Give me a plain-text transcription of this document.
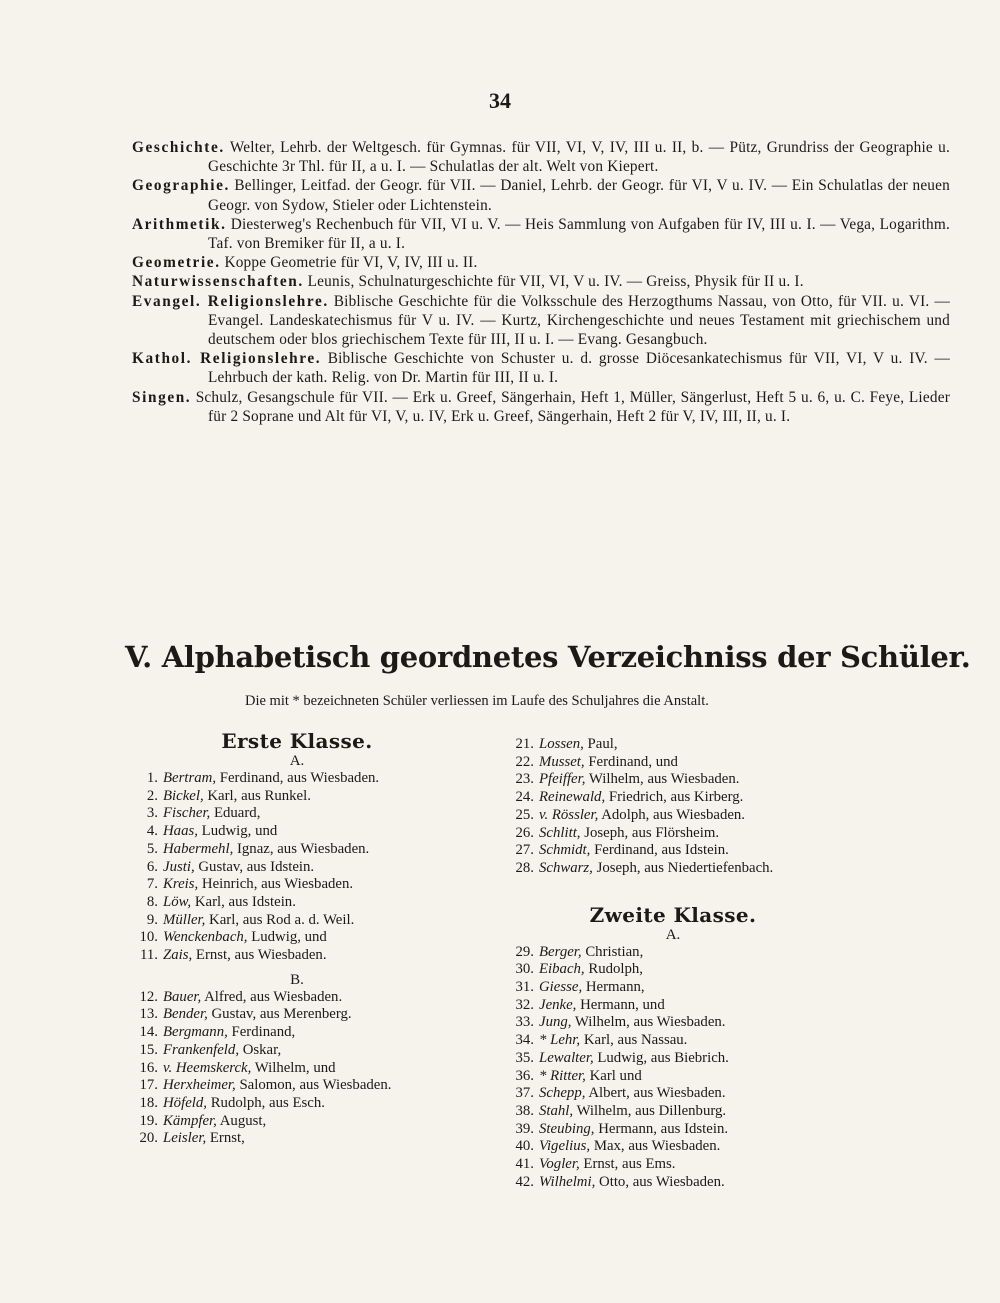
34

Geschichte. Welter, Lehrb. der Weltgesch. für Gymnas. für VII, VI, V, IV, III u. II, b. — Pütz, Grundriss der Geographie u. Geschichte 3r Thl. für II, a u. I. — Schulatlas der alt. Welt von Kiepert.

Geographie. Bellinger, Leitfad. der Geogr. für VII. — Daniel, Lehrb. der Geogr. für VI, V u. IV. — Ein Schulatlas der neuen Geogr. von Sydow, Stieler oder Lichtenstein.

Arithmetik. Diesterweg's Rechenbuch für VII, VI u. V. — Heis Sammlung von Aufgaben für IV, III u. I. — Vega, Logarithm. Taf. von Bremiker für II, a u. I.

Geometrie. Koppe Geometrie für VI, V, IV, III u. II.

Naturwissenschaften. Leunis, Schulnaturgeschichte für VII, VI, V u. IV. — Greiss, Physik für II u. I.

Evangel. Religionslehre. Biblische Geschichte für die Volksschule des Herzogthums Nassau, von Otto, für VII. u. VI. — Evangel. Landeskatechismus für V u. IV. — Kurtz, Kirchengeschichte und neues Testament mit griechischem und deutschem oder blos griechischem Texte für III, II u. I. — Evang. Gesangbuch.

Kathol. Religionslehre. Biblische Geschichte von Schuster u. d. grosse Diöcesankatechismus für VII, VI, V u. IV. — Lehrbuch der kath. Relig. von Dr. Martin für III, II u. I.

Singen. Schulz, Gesangschule für VII. — Erk u. Greef, Sängerhain, Heft 1, Müller, Sängerlust, Heft 5 u. 6, u. C. Feye, Lieder für 2 Soprane und Alt für VI, V, u. IV, Erk u. Greef, Sängerhain, Heft 2 für V, IV, III, II, u. I.

V. Alphabetisch geordnetes Verzeichniss der Schüler.
Die mit * bezeichneten Schüler verliessen im Laufe des Schuljahres die Anstalt.
Erste Klasse.
A.
1. Bertram, Ferdinand, aus Wiesbaden.
2. Bickel, Karl, aus Runkel.
3. Fischer, Eduard,
4. Haas, Ludwig, und
5. Habermehl, Ignaz, aus Wiesbaden.
6. Justi, Gustav, aus Idstein.
7. Kreis, Heinrich, aus Wiesbaden.
8. Löw, Karl, aus Idstein.
9. Müller, Karl, aus Rod a. d. Weil.
10. Wenckenbach, Ludwig, und
11. Zais, Ernst, aus Wiesbaden.
B.
12. Bauer, Alfred, aus Wiesbaden.
13. Bender, Gustav, aus Merenberg.
14. Bergmann, Ferdinand,
15. Frankenfeld, Oskar,
16. v. Heemskerck, Wilhelm, und
17. Herxheimer, Salomon, aus Wiesbaden.
18. Höfeld, Rudolph, aus Esch.
19. Kämpfer, August,
20. Leisler, Ernst,
21. Lossen, Paul,
22. Musset, Ferdinand, und
23. Pfeiffer, Wilhelm, aus Wiesbaden.
24. Reinewald, Friedrich, aus Kirberg.
25. v. Rössler, Adolph, aus Wiesbaden.
26. Schlitt, Joseph, aus Flörsheim.
27. Schmidt, Ferdinand, aus Idstein.
28. Schwarz, Joseph, aus Niedertiefenbach.
Zweite Klasse.
A.
29. Berger, Christian,
30. Eibach, Rudolph,
31. Giesse, Hermann,
32. Jenke, Hermann, und
33. Jung, Wilhelm, aus Wiesbaden.
34. * Lehr, Karl, aus Nassau.
35. Lewalter, Ludwig, aus Biebrich.
36. * Ritter, Karl und
37. Schepp, Albert, aus Wiesbaden.
38. Stahl, Wilhelm, aus Dillenburg.
39. Steubing, Hermann, aus Idstein.
40. Vigelius, Max, aus Wiesbaden.
41. Vogler, Ernst, aus Ems.
42. Wilhelmi, Otto, aus Wiesbaden.
